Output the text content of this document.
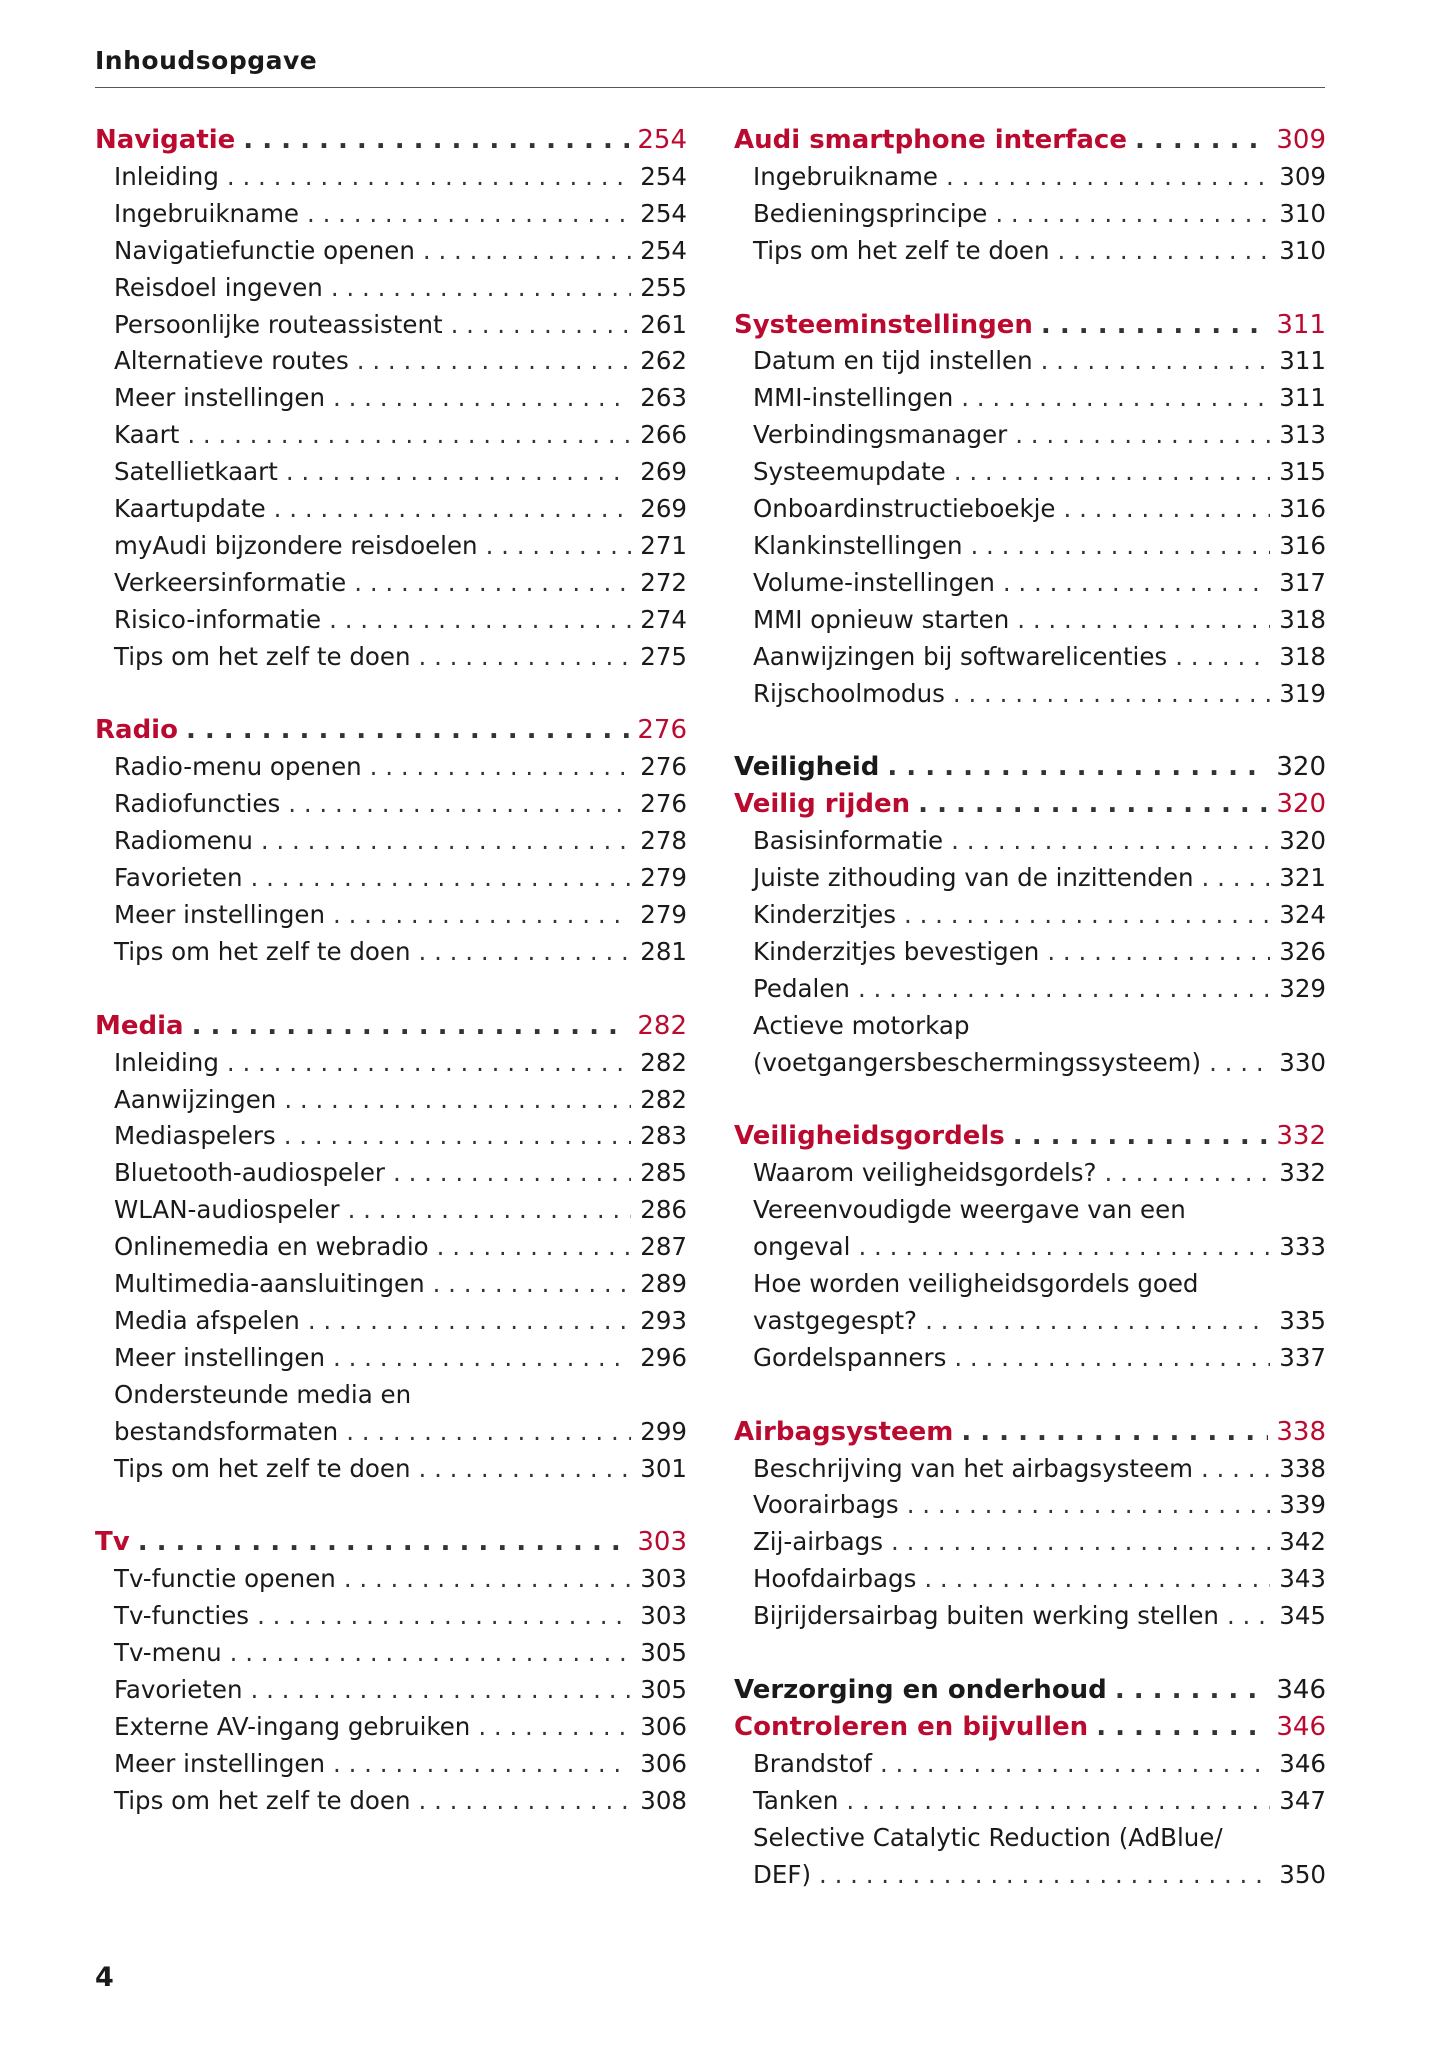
Inhoudsopgave
Navigatie . . .	254
Inleiding . . .	254
Ingebruikname . . .	254
Navigatiefunctie openen . . .	254
Reisdoel ingeven . . .	255
Persoonlijke routeassistent . . .	261
Alternatieve routes . . .	262
Meer instellingen . . .	263
Kaart . . .	266
Satellietkaart . . .	269
Kaartupdate . . .	269
myAudi bijzondere reisdoelen . . .	271
Verkeersinformatie . . .	272
Risico-informatie . . .	274
Tips om het zelf te doen . . .	275
Radio . . .	276
Radio-menu openen . . .	276
Radiofuncties . . .	276
Radiomenu . . .	278
Favorieten . . .	279
Meer instellingen . . .	279
Tips om het zelf te doen . . .	281
Media . . .	282
Inleiding . . .	282
Aanwijzingen . . .	282
Mediaspelers . . .	283
Bluetooth-audiospeler . . .	285
WLAN-audiospeler . . .	286
Onlinemedia en webradio . . .	287
Multimedia-aansluitingen . . .	289
Media afspelen . . .	293
Meer instellingen . . .	296
Ondersteunde media en
bestandsformaten . . .	299
Tips om het zelf te doen . . .	301
Tv . . .	303
Tv-functie openen . . .	303
Tv-functies . . .	303
Tv-menu . . .	305
Favorieten . . .	305
Externe AV-ingang gebruiken . . .	306
Meer instellingen . . .	306
Tips om het zelf te doen . . .	308
Audi smartphone interface . . .	309
Ingebruikname . . .	309
Bedieningsprincipe . . .	310
Tips om het zelf te doen . . .	310
Systeeminstellingen . . .	311
Datum en tijd instellen . . .	311
MMI-instellingen . . .	311
Verbindingsmanager . . .	313
Systeemupdate . . .	315
Onboardinstructieboekje . . .	316
Klankinstellingen . . .	316
Volume-instellingen . . .	317
MMI opnieuw starten . . .	318
Aanwijzingen bij softwarelicenties . . .	318
Rijschoolmodus . . .	319
Veiligheid . . .	320
Veilig rijden . . .	320
Basisinformatie . . .	320
Juiste zithouding van de inzittenden . . .	321
Kinderzitjes . . .	324
Kinderzitjes bevestigen . . .	326
Pedalen . . .	329
Actieve motorkap
(voetgangersbeschermingssysteem) . . .	330
Veiligheidsgordels . . .	332
Waarom veiligheidsgordels? . . .	332
Vereenvoudigde weergave van een
ongeval . . .	333
Hoe worden veiligheidsgordels goed
vastgegespt? . . .	335
Gordelspanners . . .	337
Airbagsysteem . . .	338
Beschrijving van het airbagsysteem . . .	338
Voorairbags . . .	339
Zij-airbags . . .	342
Hoofdairbags . . .	343
Bijrijdersairbag buiten werking stellen . . . 345
Verzorging en onderhoud . . .	346
Controleren en bijvullen . . .	346
Brandstof . . .	346
Tanken . . .	347
Selective Catalytic Reduction (AdBlue/
DEF) . . .	350
4
